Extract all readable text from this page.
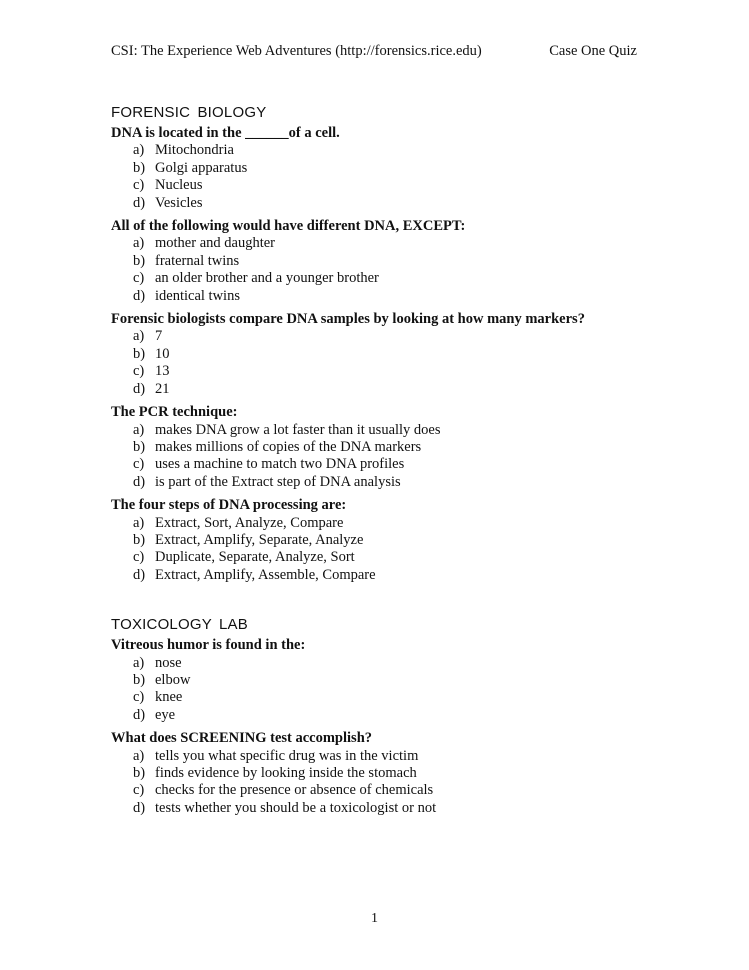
CSI: The Experience Web Adventures (http://forensics.rice.edu)	Case One Quiz
FORENSIC BIOLOGY
DNA is located in the ______of a cell.
a) Mitochondria
b) Golgi apparatus
c) Nucleus
d) Vesicles
All of the following would have different DNA, EXCEPT:
a) mother and daughter
b) fraternal twins
c) an older brother and a younger brother
d) identical twins
Forensic biologists compare DNA samples by looking at how many markers?
a) 7
b) 10
c) 13
d) 21
The PCR technique:
a) makes DNA grow a lot faster than it usually does
b) makes millions of copies of the DNA markers
c) uses a machine to match two DNA profiles
d) is part of the Extract step of DNA analysis
The four steps of DNA processing are:
a) Extract, Sort, Analyze, Compare
b) Extract, Amplify, Separate, Analyze
c) Duplicate, Separate, Analyze, Sort
d) Extract, Amplify, Assemble, Compare
TOXICOLOGY LAB
Vitreous humor is found in the:
a) nose
b) elbow
c) knee
d) eye
What does SCREENING test accomplish?
a) tells you what specific drug was in the victim
b) finds evidence by looking inside the stomach
c) checks for the presence or absence of chemicals
d) tests whether you should be a toxicologist or not
1
